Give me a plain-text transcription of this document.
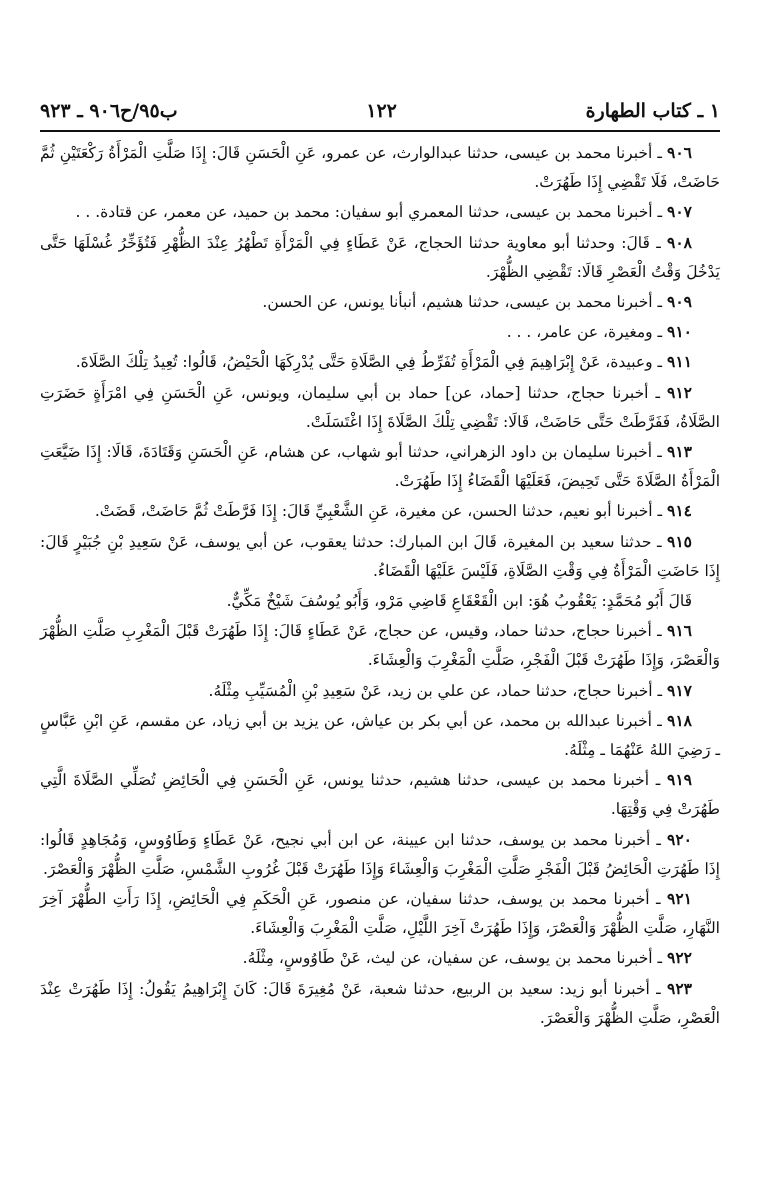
١ ـ كتاب الطهارة
١٢٢
ب٩٥/ح٩٠٦ ـ ٩٢٣

٩٠٦ ـ أخبرنا محمد بن عيسى، حدثنا عبدالوارث، عن عمرو، عَنِ الْحَسَنِ قَالَ: إِذَا صَلَّتِ الْمَرْأَةُ رَكْعَتَيْنِ ثُمَّ حَاضَتْ، فَلَا تَقْضِي إِذَا طَهُرَتْ.

٩٠٧ ـ أخبرنا محمد بن عيسى، حدثنا المعمري أبو سفيان: محمد بن حميد، عن معمر، عن قتادة. . .

٩٠٨ ـ قَالَ: وحدثنا أبو معاوية حدثنا الحجاج، عَنْ عَطَاءٍ فِي الْمَرْأَةِ تَطْهُرُ عِنْدَ الظُّهْرِ فَتُؤَخِّرُ غُسْلَهَا حَتَّى يَدْخُلَ وَقْتُ الْعَصْرِ قَالَا: تَقْضِي الظُّهْرَ.

٩٠٩ ـ أخبرنا محمد بن عيسى، حدثنا هشيم، أنبأنا يونس، عن الحسن.

٩١٠ ـ ومغيرة، عن عامر، . . .

٩١١ ـ وعبيدة، عَنْ إِبْرَاهِيمَ فِي الْمَرْأَةِ تُفَرِّطُ فِي الصَّلَاةِ حَتَّى يُدْرِكَهَا الْحَيْضُ، قَالُوا: تُعِيدُ تِلْكَ الصَّلَاةَ.

٩١٢ ـ أخبرنا حجاج، حدثنا [حماد، عن] حماد بن أبي سليمان، ويونس، عَنِ الْحَسَنِ فِي امْرَأَةٍ حَضَرَتِ الصَّلَاةُ، فَفَرَّطَتْ حَتَّى حَاضَتْ، قَالَا: تَقْضِي تِلْكَ الصَّلَاةَ إِذَا اغْتَسَلَتْ.

٩١٣ ـ أخبرنا سليمان بن داود الزهراني، حدثنا أبو شهاب، عن هشام، عَنِ الْحَسَنِ وَقَتَادَةَ، قَالَا: إِذَا ضَيَّعَتِ الْمَرْأَةُ الصَّلَاةَ حَتَّى تَحِيضَ، فَعَلَيْهَا الْقَضَاءُ إِذَا طَهُرَتْ.

٩١٤ ـ أخبرنا أبو نعيم، حدثنا الحسن، عن مغيرة، عَنِ الشَّعْبِيِّ قَالَ: إِذَا فَرَّطَتْ ثُمَّ حَاضَتْ، قَضَتْ.

٩١٥ ـ حدثنا سعيد بن المغيرة، قَالَ ابن المبارك: حدثنا يعقوب، عن أبي يوسف، عَنْ سَعِيدِ بْنِ جُبَيْرٍ قَالَ: إِذَا حَاضَتِ الْمَرْأَةُ فِي وَقْتِ الصَّلَاةِ، فَلَيْسَ عَلَيْهَا الْقَضَاءُ.

قَالَ أَبُو مُحَمَّدٍ: يَعْقُوبُ هُوَ: ابن الْقَعْقَاعِ قَاضِي مَرْو، وَأَبُو يُوسُفَ شَيْخٌ مَكِّيٌّ.

٩١٦ ـ أخبرنا حجاج، حدثنا حماد، وقيس، عن حجاج، عَنْ عَطَاءٍ قَالَ: إِذَا طَهُرَتْ قَبْلَ الْمَغْرِبِ صَلَّتِ الظُّهْرَ وَالْعَصْرَ، وَإِذَا طَهُرَتْ قَبْلَ الْفَجْرِ، صَلَّتِ الْمَغْرِبَ وَالْعِشَاءَ.

٩١٧ ـ أخبرنا حجاج، حدثنا حماد، عن علي بن زيد، عَنْ سَعِيدِ بْنِ الْمُسَيِّبِ مِثْلَهُ.

٩١٨ ـ أخبرنا عبدالله بن محمد، عن أبي بكر بن عياش، عن يزيد بن أبي زياد، عن مقسم، عَنِ ابْنِ عَبَّاسٍ ـ رَضِيَ اللهُ عَنْهُمَا ـ مِثْلَهُ.

٩١٩ ـ أخبرنا محمد بن عيسى، حدثنا هشيم، حدثنا يونس، عَنِ الْحَسَنِ فِي الْحَائِضِ تُصَلِّي الصَّلَاةَ الَّتِي طَهُرَتْ فِي وَقْتِهَا.

٩٢٠ ـ أخبرنا محمد بن يوسف، حدثنا ابن عيينة، عن ابن أبي نجيح، عَنْ عَطَاءٍ وَطَاوُوسٍ، وَمُجَاهِدٍ قَالُوا: إِذَا طَهُرَتِ الْحَائِضُ قَبْلَ الْفَجْرِ صَلَّتِ الْمَغْرِبَ وَالْعِشَاءَ وَإِذَا طَهُرَتْ قَبْلَ غُرُوبِ الشَّمْسِ، صَلَّتِ الظُّهْرَ وَالْعَصْرَ.

٩٢١ ـ أخبرنا محمد بن يوسف، حدثنا سفيان، عن منصور، عَنِ الْحَكَمِ فِي الْحَائِضِ، إِذَا رَأَتِ الطُّهْرَ آخِرَ النَّهَارِ، صَلَّتِ الظُّهْرَ وَالْعَصْرَ، وَإِذَا طَهُرَتْ آخِرَ اللَّيْلِ، صَلَّتِ الْمَغْرِبَ وَالْعِشَاءَ.

٩٢٢ ـ أخبرنا محمد بن يوسف، عن سفيان، عن ليث، عَنْ طَاوُوسٍ، مِثْلَهُ.

٩٢٣ ـ أخبرنا أبو زيد: سعيد بن الربيع، حدثنا شعبة، عَنْ مُغِيرَةَ قَالَ: كَانَ إِبْرَاهِيمُ يَقُولُ: إِذَا طَهُرَتْ عِنْدَ الْعَصْرِ، صَلَّتِ الظُّهْرَ وَالْعَصْرَ.
